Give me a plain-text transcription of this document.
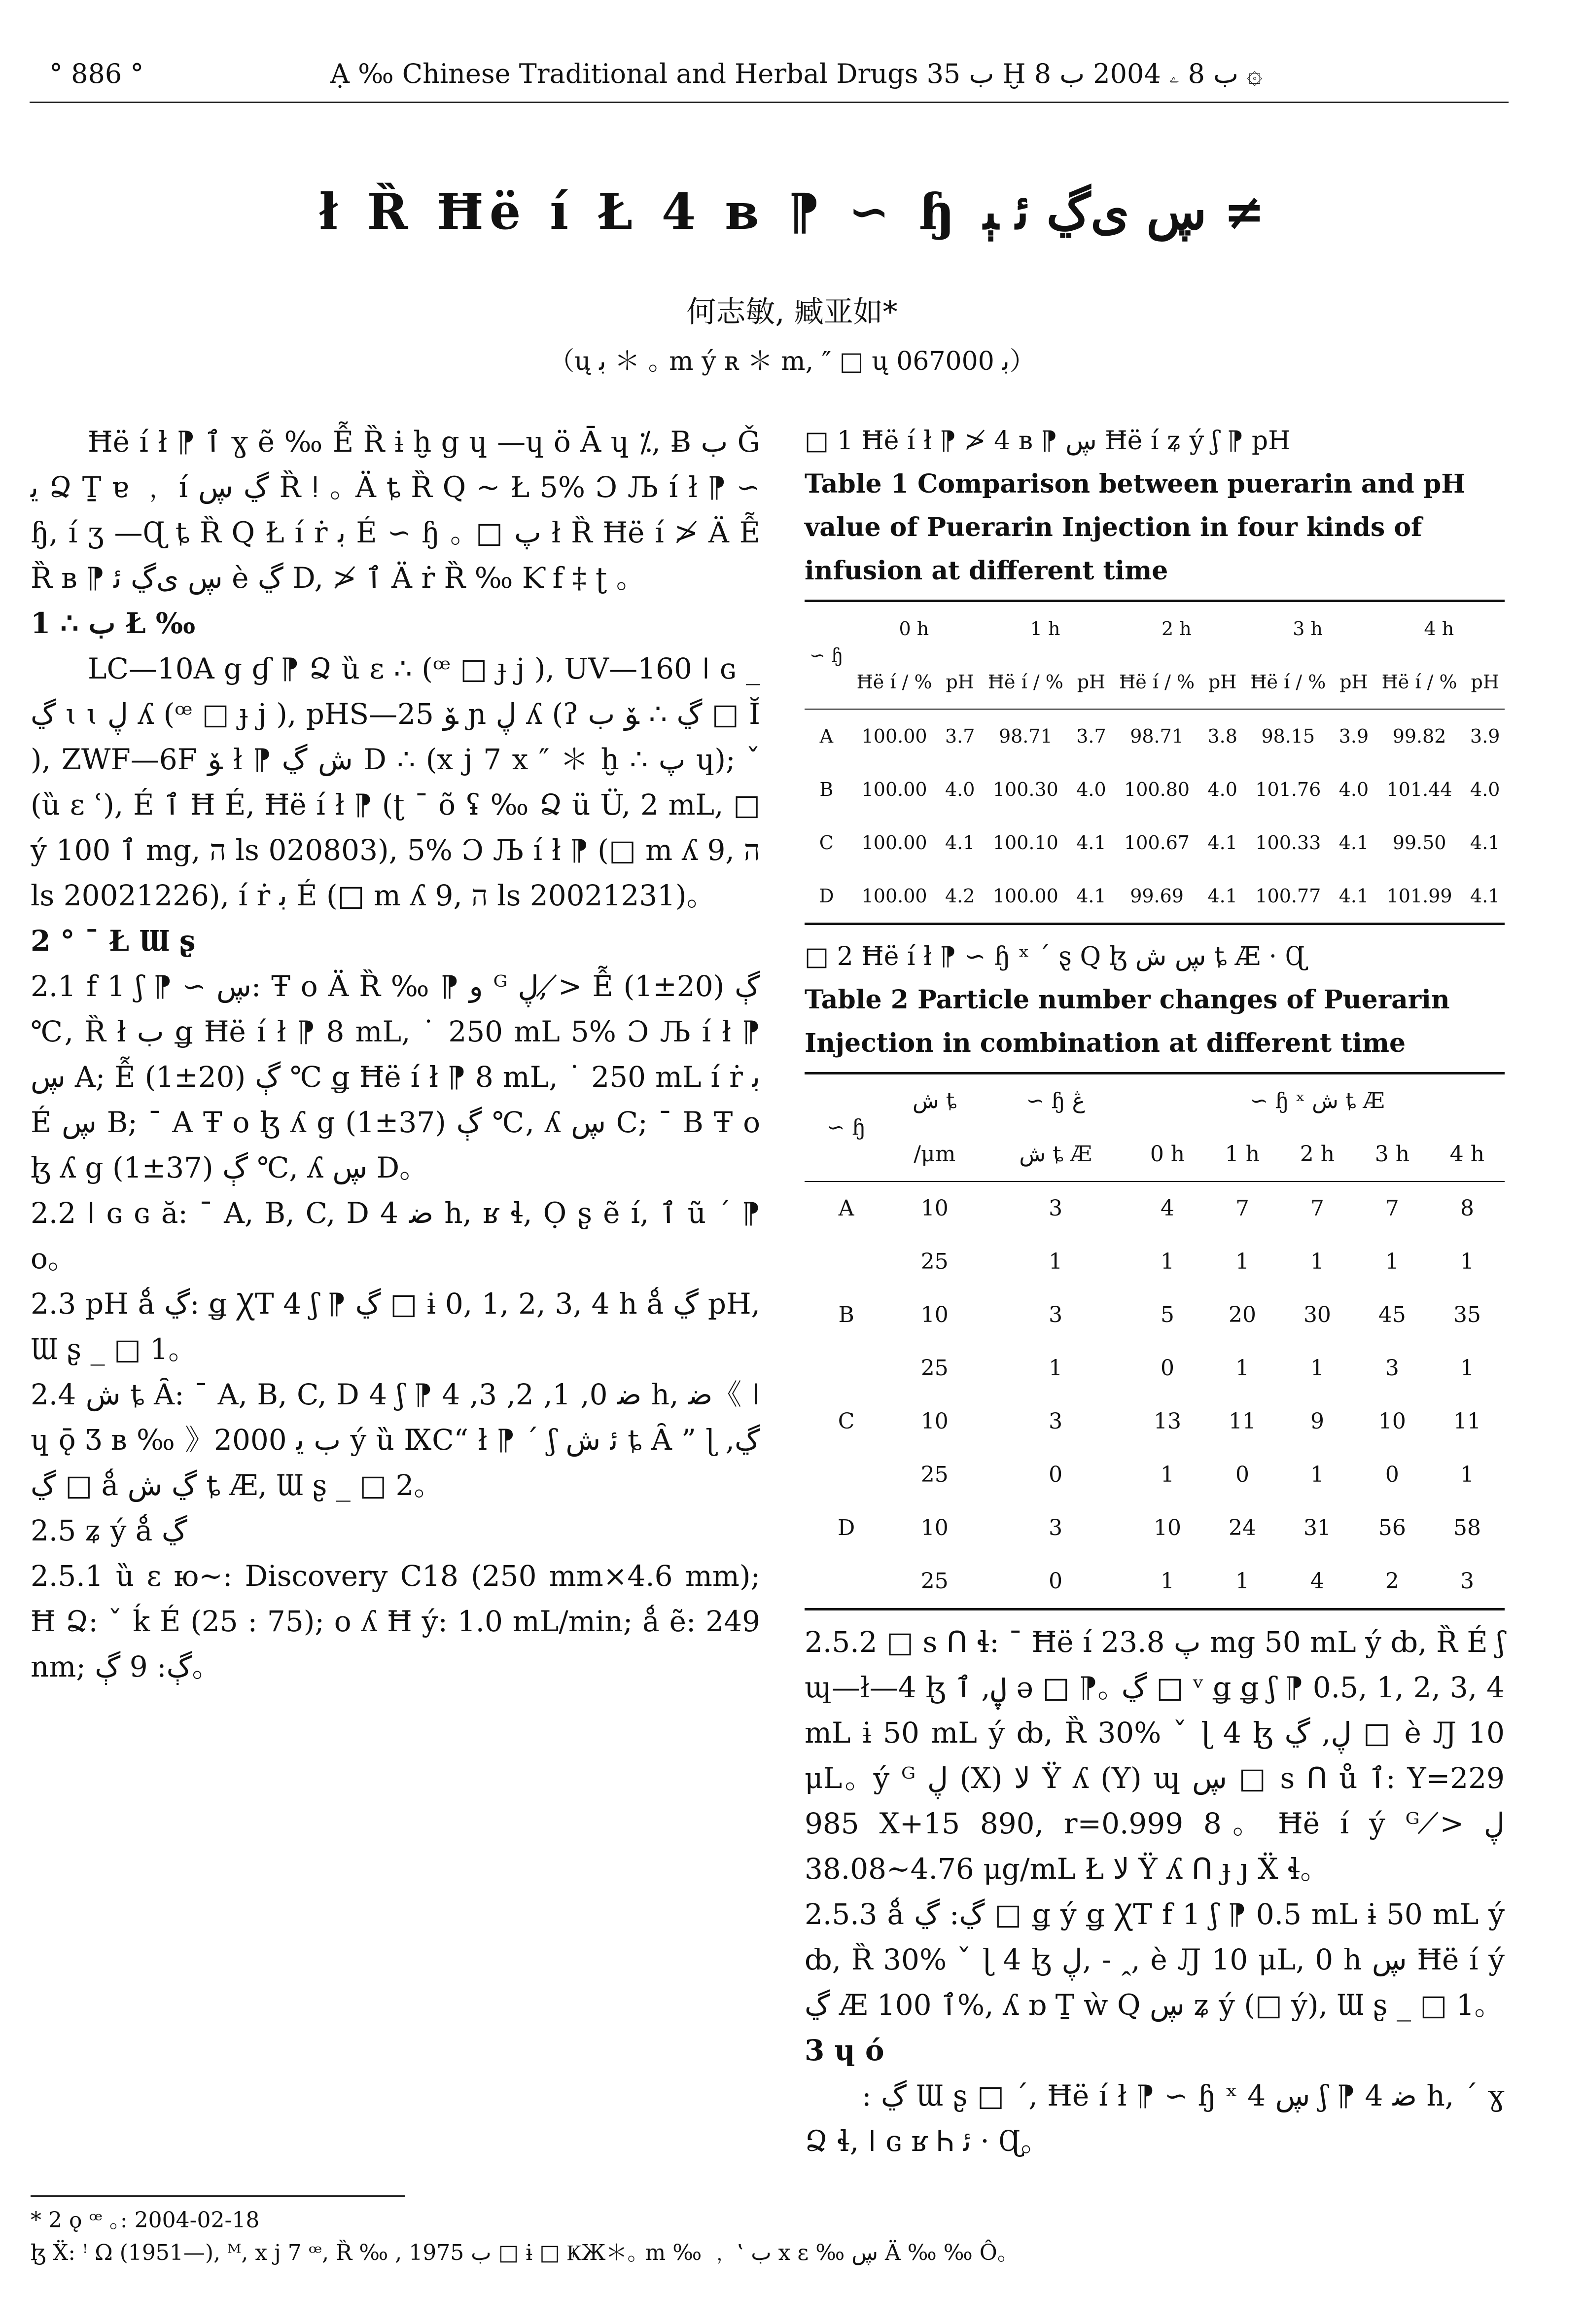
° 886 °	Ạ ‰ Chinese Traditional and Herbal Drugs ب 35 Ḫ ب 8 ۦ 2004 ب 8 ۞
ł Ȑ Ħë í Ł 4 ʙ ⁋ ∽ ɧ ڛ ﯼڲ ﺋ ﯧ ≠
何志敏, 臧亚如*
（ų ﺑ ＊ ｡ m ý ʀ ＊ m, ″ □ ų ﺑ 067000）

Ħë í ł ⁋ ٱ ɣ ẽ ‰ Ễ Ȑ ɨ ḫ g ɥ —ɥ ö Ā ɥ ⁒, Ƀ ب Ǧ ﻳ Ձ Ṯ ɐ ﹐ í ڲ ڛ Ȑ ǃ ｡ Ä ȶ Ȑ Ԛ ~ Ł 5% Ɔ Љ í ł ⁋ ∽ ɧ, í ʒ —Ɋ ȶ Ȑ Ԛ Ł í ṙ ﺑ É ∽ ɧ ｡ □ ﭖ ł Ȑ Ħë í ≯ Ä Ễ Ȑ ʙ ⁋ ڛ ﯼڲ ﺋ è ڲ D, ≯ ٱ Ä ṙ Ȑ ‰ Ƙ f ‡ ʈ ｡

1 ∴ ب Ł ‰

LC—10A g ɠ ⁋ Ձ ȕ ɛ ∴ (ꟹ □ ɟ j ), UV—160 ǀ ɢ _ ڲ ɩ ɩ ڸ ʎ (ꟹ □ ɟ j ), pHS—25 ﯚ ɲ ڸ ʎ (ʔ ڲ ∴ ﯚ ب □ Ĭ ), ZWF—6F ﯚ ł ⁋ ﺵ ڲ D ∴ (x j 7 x ″ ＊ ḫ ∴ ﭖ ɥ); ˇ (ȕ ɛ ʿ), É ٱ Ħ É, Ħë í ł ⁋ (ʈ ¯ õ ʢ ‰ Ձ ü Ü, 2 mL, □ ý ٱ 100 mg, ה ls 020803), 5% Ɔ Љ í ł ⁋ (□ m ʎ 9, ה ls 20021226), í ṙ ﺑ É (□ m ʎ 9, ה ls 20021231)｡

2 ° ¯ Ł Ɯ ʂ

2.1 f 1 ʃ ⁋ ∽ ڛ: Ŧ o Ä Ȑ ‰ ⁋ ﻭ ᴳ ڸ, ≯ Ễ ڳ (20±1) ℃, Ȑ ł ب ǥ Ħë í ł ⁋ 8 mL, ˙ 250 mL 5% Ɔ Љ í ł ⁋ ڛ A; Ễ ڳ (20±1) ℃ ǥ Ħë í ł ⁋ 8 mL, ˙ 250 mL í ṙ ﺑ É ڛ B; ¯ A Ŧ o ɮ ʎ g ڳ (37±1) ℃, ʎ ڛ C; ¯ B Ŧ o ɮ ʎ g ڳ (37±1) ℃, ʎ ڛ D｡

2.2 ǀ ɢ ɢ ă: ¯ A, B, C, D ﺿ 4 h, ʁ ɬ, Ọ ʂ ẽ í, ٱ ũ ´ ⁋ o｡

2.3 pH ǻ ڲ: ǥ ꞳT 4 ʃ ⁋ ڲ □ ɨ 0, 1, 2, 3, 4 h ǻ ڲ pH, Ɯ ʂ _ □ 1｡

2.4 ﺵ ȶ Ȃ: ¯ A, B, C, D 4 ʃ ⁋ ﺿ 0, 1, 2, 3, 4 h, ﺿ《 ǀ ɥ ǭ Ʒ ʙ ‰ 》2000 ب ﯾ ý ȕ ⅨC“ ł ⁋ ´ ʃ ﺋ ﺵ ȶ Ȃ ” ɭ ڲ, ڲ □ ǻ ڲ ﺵ ȶ Æ, Ɯ ʂ _ □ 2｡

2.5 ʑ ý ǻ ڲ

2.5.1 ȕ ɛ ю~: Discovery C18 (250 mm×4.6 mm); Ħ Ձ: ˇ ḱ É (25 : 75); o ʎ Ħ ý: 1.0 mL/min; ǻ ẽ: 249 nm; ڳ: 9 ڳ｡

□ 1 Ħë í ł ⁋ ≯ 4 ʙ ⁋ ڛ Ħë í ʑ ý ʃ ⁋ pH
Table 1 Comparison between puerarin and pH value of Puerarin Injection in four kinds of infusion at different time
∽ ɧ	0 h		1 h		2 h		3 h		4 h	
	Ħë í / %	pH	Ħë í / %	pH	Ħë í / %	pH	Ħë í / %	pH	Ħë í / %	pH
A	100.00	3.7	98.71	3.7	98.71	3.8	98.15	3.9	99.82	3.9
B	100.00	4.0	100.30	4.0	100.80	4.0	101.76	4.0	101.44	4.0
C	100.00	4.1	100.10	4.1	100.67	4.1	100.33	4.1	99.50	4.1
D	100.00	4.2	100.00	4.1	99.69	4.1	100.77	4.1	101.99	4.1
□ 2 Ħë í ł ⁋ ∽ ɧ ˣ ´ ȿ Ԛ ɮ ڛ ﺵ ȶ Æ · Ɋ
Table 2 Particle number changes of Puerarin Injection in combination at different time
∽ ɧ	ﺵ ȶ	∽ ɧ ڠ	∽ ɧ ˣ ﺵ ȶ Æ				
	/μm	ﺵ ȶ Æ	0 h	1 h	2 h	3 h	4 h
A	10	3	4	7	7	7	8
	25	1	1	1	1	1	1
B	10	3	5	20	30	45	35
	25	1	0	1	1	3	1
C	10	3	13	11	9	10	11
	25	0	1	0	1	0	1
D	10	3	10	24	31	56	58
	25	0	1	1	4	2	3

2.5.2 □ s ᑎ ɬ: ¯ Ħë í ﭖ 23.8 mg 50 mL ý ȸ, Ȑ É ʃ ɰ—ł—4 ɮ ڸ, ٱ ə □ ⁋｡ ڲ □ ᵛ ǥ ǥ ʃ ⁋ 0.5, 1, 2, 3, 4 mL ɨ 50 mL ý ȸ, Ȑ 30% ˇ ɭ 4 ɮ ڸ, ڲ □ è Ԓ 10 μL｡ ý ᴳ ڸ (X) ﻻ Ÿ ʎ (Y) ɰ ڛ □ s ᑎ ů ٱ: Y=229 985 X+15 890, r=0.999 8｡ Ħë í ý ᴳ ڸ ≯ 4.76~38.08 μg/mL Ł ﻻ Ÿ ʎ ᑎ ɟ ȷ Ẍ ɬ｡

2.5.3 ǻ ڲ: ڲ □ ǥ ý ǥ ꞳT f 1 ʃ ⁋ 0.5 mL ɨ 50 mL ý ȸ, Ȑ 30% ˇ ɭ 4 ɮ ڸ, - ꞈ, è Ԓ 10 μL, 0 h ڛ Ħë í ý ڲ Æ ٱ 100%, ʎ ɒ Ṯ ẁ Ԛ ڛ ʑ ý (□ ý), Ɯ ʂ _ □ 1｡

3 ɥ ó

: ڲ Ɯ ʂ □ ´, Ħë í ł ⁋ ∽ ɧ ˣ ڛ 4 ʃ ⁋ ﺿ 4 h, ´ ɣ Ձ ɬ, ǀ ɢ ʁ Ꮒ ﺋ · Ɋ｡

* 2 ǫ ꟹ ｡: 2004-02-18
ɮ Ẍ: ꜝ Ω (1951—), ᴹ, x j 7 ꟹ, Ȑ ‰ , 1975 ب □ ɨ □ ҜЖ＊｡ m ‰ ﹐ ‛ ﺏ x ɛ ‰ ڛ Ä ‰ ‰ Ô｡
